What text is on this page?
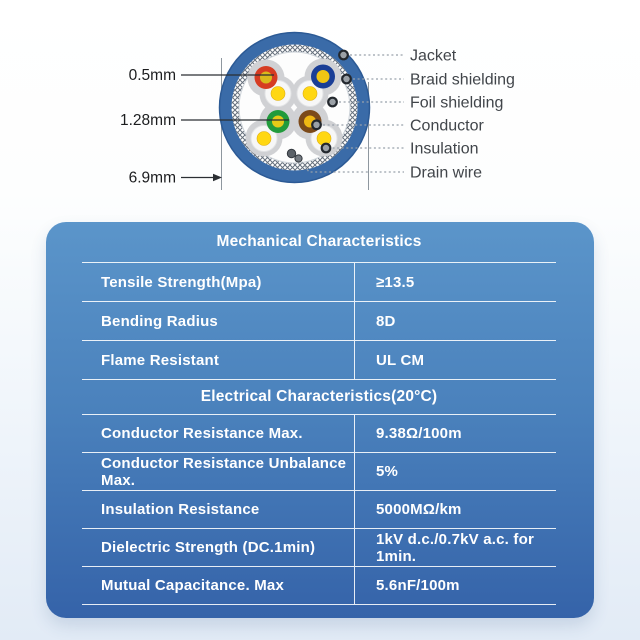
0.5mm
1.28mm
6.9mm
Jacket
Braid shielding
Foil shielding
Conductor
Insulation
Drain wire
Mechanical Characteristics
Tensile Strength(Mpa)	≥13.5
Bending Radius	8D
Flame Resistant	UL CM
Electrical Characteristics(20°C)
Conductor Resistance Max.	9.38Ω/100m
Conductor Resistance Unbalance Max.	5%
Insulation Resistance	5000MΩ/km
Dielectric Strength (DC.1min)	1kV d.c./0.7kV a.c. for 1min.
Mutual Capacitance. Max	5.6nF/100m
